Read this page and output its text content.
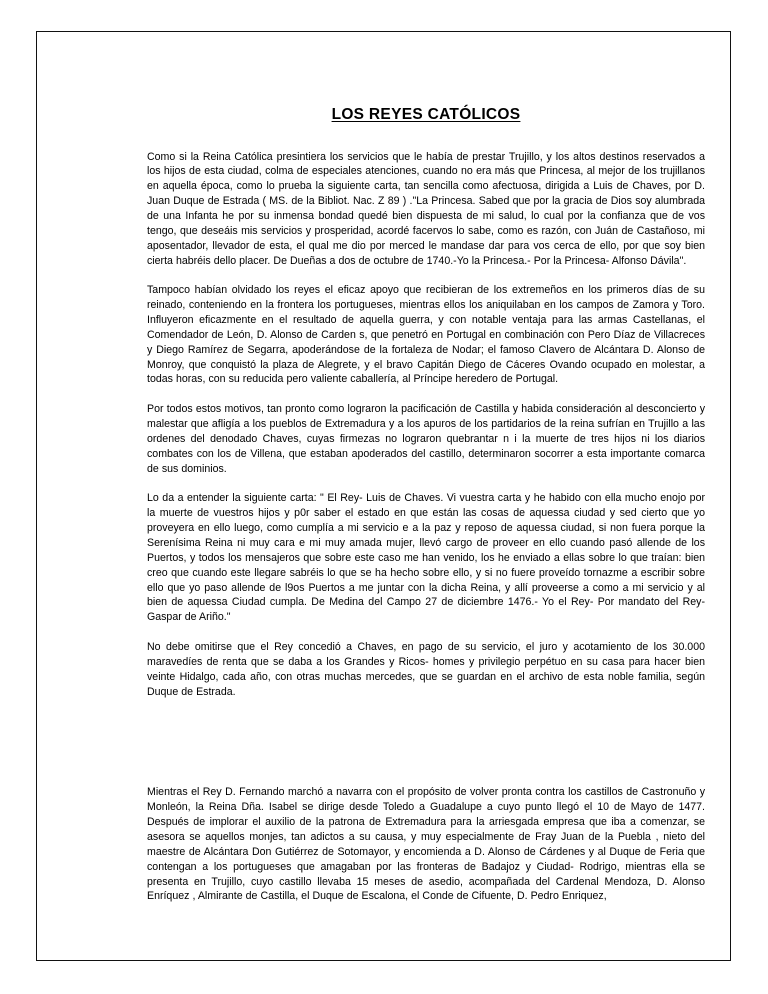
LOS REYES CATÓLICOS

Como si la Reina Católica presintiera los servicios que le había de prestar Trujillo, y los altos destinos reservados a los hijos de esta ciudad, colma de especiales atenciones, cuando no era más que Princesa, al mejor de los trujillanos en aquella época, como lo prueba la siguiente carta, tan sencilla como afectuosa, dirigida a Luis de Chaves, por D. Juan Duque de Estrada ( MS. de la Bibliot. Nac. Z 89 ) ."La Princesa. Sabed que por la gracia de Dios soy alumbrada de una Infanta he por su inmensa bondad quedé bien dispuesta de mi salud, lo cual por la confianza que de vos tengo, que deseáis mis servicios y prosperidad, acordé facervos lo sabe, como es razón, con Juán de Castañoso, mi aposentador, llevador de esta, el qual me dio por merced le mandase dar para vos cerca de ello, por que soy bien cierta habréis dello placer. De Dueñas a dos de octubre de 1740.-Yo la Princesa.- Por la Princesa- Alfonso Dávila".

Tampoco habían olvidado los reyes el eficaz apoyo que recibieran de los extremeños en los primeros días de su reinado, conteniendo en la frontera los portugueses, mientras ellos los aniquilaban en los campos de Zamora y Toro. Influyeron eficazmente en el resultado de aquella guerra, y con notable ventaja para las armas Castellanas, el Comendador de León, D. Alonso de Carden s, que penetró en Portugal en combinación con Pero Díaz de Villacreces y Diego Ramírez de Segarra, apoderándose de la fortaleza de Nodar; el famoso Clavero de Alcántara D. Alonso de Monroy, que conquistó la plaza de Alegrete, y el bravo Capitán Diego de Cáceres Ovando ocupado en molestar, a todas horas, con su reducida pero valiente caballería, al Príncipe heredero de Portugal.

Por todos estos motivos, tan pronto como lograron la pacificación de Castilla y habida consideración al desconcierto y malestar que afligía a los pueblos de Extremadura y a los apuros de los partidarios de la reina sufrían en Trujillo a las ordenes del denodado Chaves, cuyas firmezas no lograron quebrantar n i la muerte de tres hijos ni los diarios combates con los de Villena, que estaban apoderados del castillo, determinaron socorrer a esta importante comarca de sus dominios.

Lo da a entender la siguiente carta: " El Rey- Luis de Chaves. Vi vuestra carta y he habido con ella mucho enojo por la muerte de vuestros hijos y p0r saber el estado en que están las cosas de aquessa ciudad y sed cierto que yo proveyera en ello luego, como cumplía a mi servicio e a la paz y reposo de aquessa ciudad, si non fuera porque la Serenísima Reina ni muy cara e mi muy amada mujer, llevó cargo de proveer en ello cuando pasó allende de los Puertos, y todos los mensajeros que sobre este caso me han venido, los he enviado a ellas sobre lo que traían: bien creo que cuando este llegare sabréis lo que se ha hecho sobre ello, y si no fuere proveído tornazme a escribir sobre ello que yo paso allende de l9os Puertos a me juntar con la dicha Reina, y allí proveerse a como a mi servicio y al bien de aquessa Ciudad cumpla. De Medina del Campo 27 de diciembre 1476.- Yo el Rey- Por mandato del Rey- Gaspar de Ariño."

No debe omitirse que el Rey concedió a Chaves, en pago de su servicio, el juro y acotamiento de los 30.000 maravedíes de renta que se daba a los Grandes y Ricos- homes y privilegio perpétuo en su casa para hacer bien veinte Hidalgo, cada año, con otras muchas mercedes, que se guardan en el archivo de esta noble familia, según Duque de Estrada.

Mientras el Rey D. Fernando marchó a navarra con el propósito de volver pronta contra los castillos de Castronuño y Monleón, la Reina Dña. Isabel se dirige desde Toledo a Guadalupe a cuyo punto llegó el 10 de Mayo de 1477. Después de implorar el auxilio de la patrona de Extremadura para la arriesgada empresa que iba a comenzar, se asesora se aquellos monjes, tan adictos a su causa, y muy especialmente de Fray Juan de la Puebla , nieto del maestre de Alcántara Don Gutiérrez de Sotomayor, y encomienda a D. Alonso de Cárdenes y al Duque de Feria que contengan a los portugueses que amagaban por las fronteras de Badajoz y Ciudad- Rodrigo, mientras ella se presenta en Trujillo, cuyo castillo llevaba 15 meses de asedio, acompañada del Cardenal Mendoza, D. Alonso Enríquez , Almirante de Castilla, el Duque de Escalona, el Conde de Cifuente, D. Pedro Enriquez,
